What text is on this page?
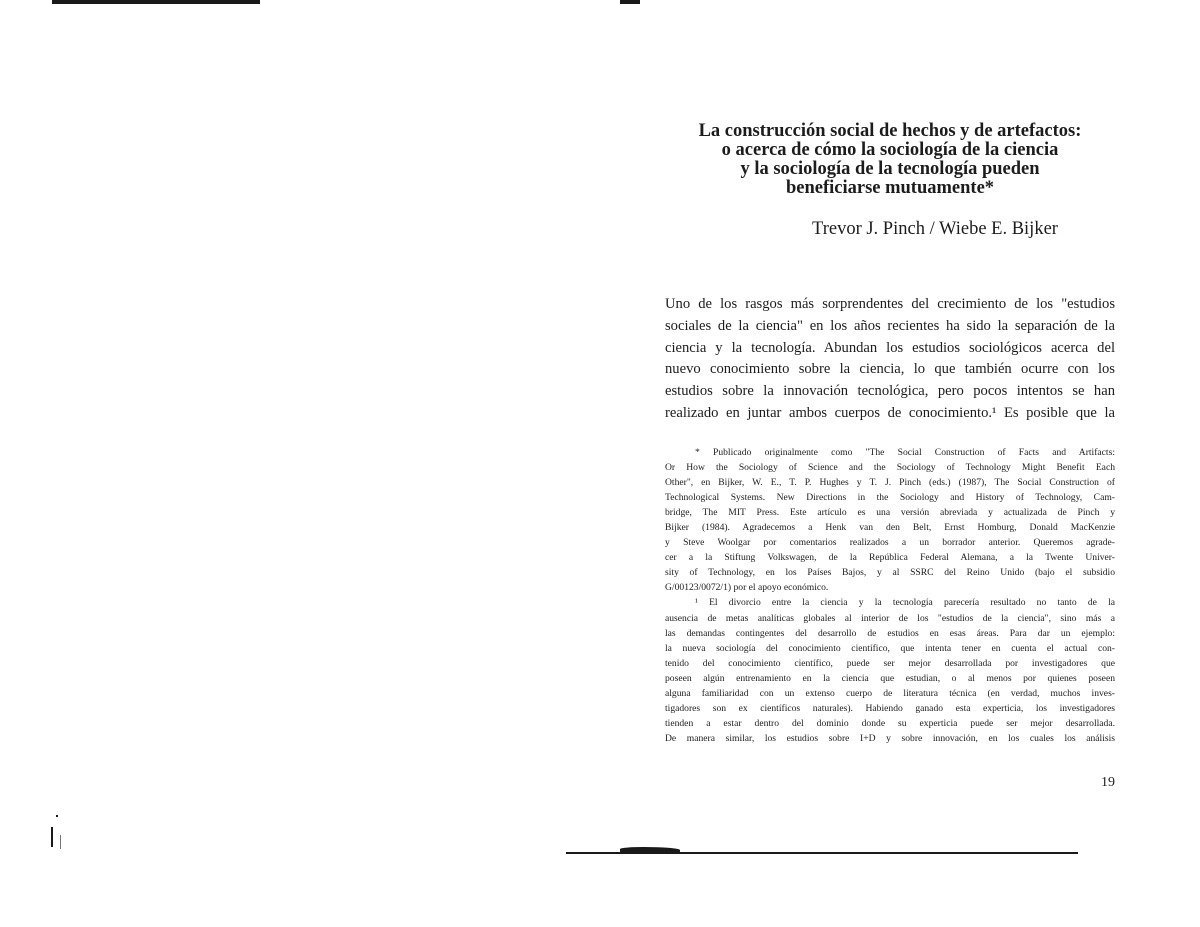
La construcción social de hechos y de artefactos:
o acerca de cómo la sociología de la ciencia
y la sociología de la tecnología pueden
beneficiarse mutuamente*
Trevor J. Pinch / Wiebe E. Bijker
Uno de los rasgos más sorprendentes del crecimiento de los "estudios
sociales de la ciencia" en los años recientes ha sido la separación de la
ciencia y la tecnología. Abundan los estudios sociológicos acerca del
nuevo conocimiento sobre la ciencia, lo que también ocurre con los
estudios sobre la innovación tecnológica, pero pocos intentos se han
realizado en juntar ambos cuerpos de conocimiento.¹ Es posible que la
* Publicado originalmente como "The Social Construction of Facts and Artifacts:
Or How the Sociology of Science and the Sociology of Technology Might Benefit Each
Other", en Bijker, W. E., T. P. Hughes y T. J. Pinch (eds.) (1987), The Social Construction of
Technological Systems. New Directions in the Sociology and History of Technology, Cam-
bridge, The MIT Press. Este artículo es una versión abreviada y actualizada de Pinch y
Bijker (1984). Agradecemos a Henk van den Belt, Ernst Homburg, Donald MacKenzie
y Steve Woolgar por comentarios realizados a un borrador anterior. Queremos agrade-
cer a la Stiftung Volkswagen, de la República Federal Alemana, a la Twente Univer-
sity of Technology, en los Países Bajos, y al SSRC del Reino Unido (bajo el subsidio
G/00123/0072/1) por el apoyo económico.
¹ El divorcio entre la ciencia y la tecnología parecería resultado no tanto de la
ausencia de metas analíticas globales al interior de los "estudios de la ciencia", sino más a
las demandas contingentes del desarrollo de estudios en esas áreas. Para dar un ejemplo:
la nueva sociología del conocimiento científico, que intenta tener en cuenta el actual con-
tenido del conocimiento científico, puede ser mejor desarrollada por investigadores que
poseen algún entrenamiento en la ciencia que estudian, o al menos por quienes poseen
alguna familiaridad con un extenso cuerpo de literatura técnica (en verdad, muchos inves-
tigadores son ex científicos naturales). Habiendo ganado esta experticia, los investigadores
tienden a estar dentro del dominio donde su experticia puede ser mejor desarrollada.
De manera similar, los estudios sobre I+D y sobre innovación, en los cuales los análisis
19
